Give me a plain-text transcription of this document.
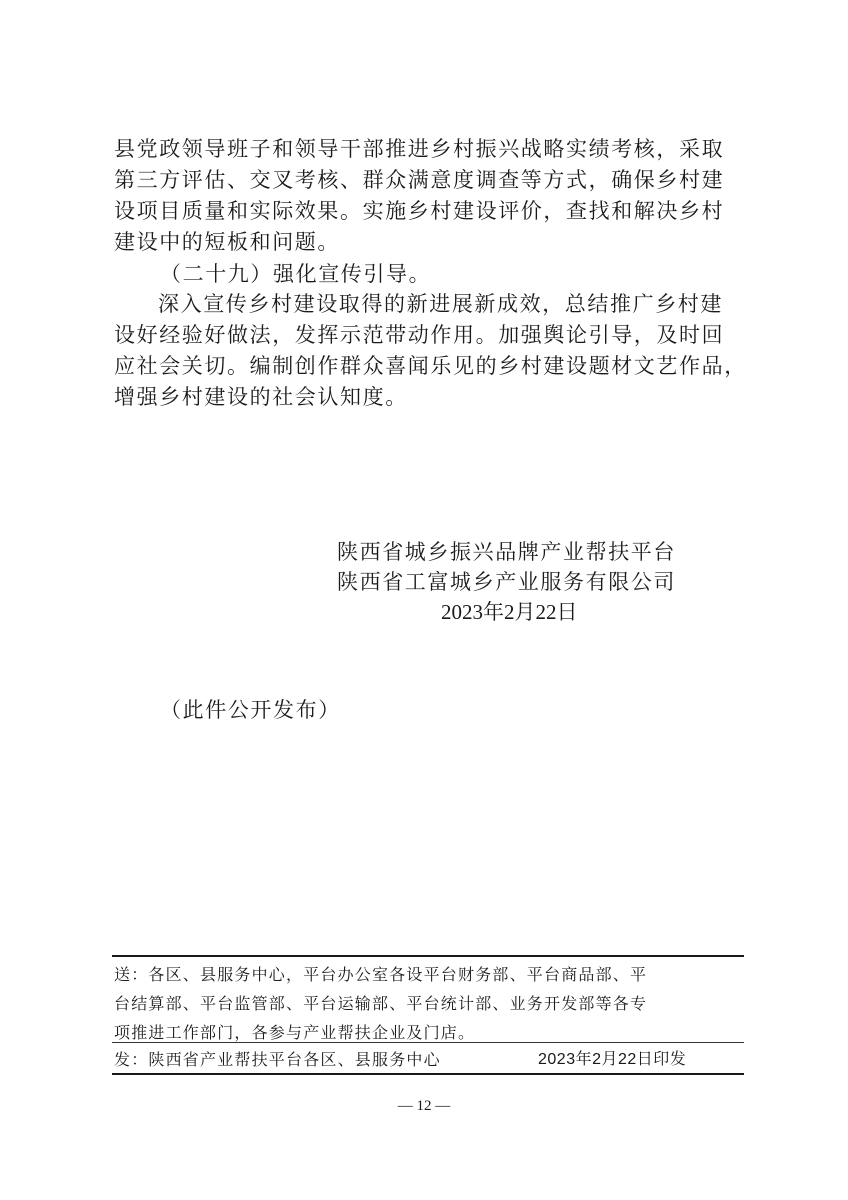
县党政领导班子和领导干部推进乡村振兴战略实绩考核，采取
第三方评估、交叉考核、群众满意度调查等方式，确保乡村建
设项目质量和实际效果。实施乡村建设评价，查找和解决乡村
建设中的短板和问题。
（二十九）强化宣传引导。
深入宣传乡村建设取得的新进展新成效，总结推广乡村建
设好经验好做法，发挥示范带动作用。加强舆论引导，及时回
应社会关切。编制创作群众喜闻乐见的乡村建设题材文艺作品，
增强乡村建设的社会认知度。
陕西省城乡振兴品牌产业帮扶平台
陕西省工富城乡产业服务有限公司
2023年2月22日
（此件公开发布）
送：各区、县服务中心，平台办公室各设平台财务部、平台商品部、平
台结算部、平台监管部、平台运输部、平台统计部、业务开发部等各专
项推进工作部门，各参与产业帮扶企业及门店。
发：陕西省产业帮扶平台各区、县服务中心	2023年2月22日印发
— 12 —
